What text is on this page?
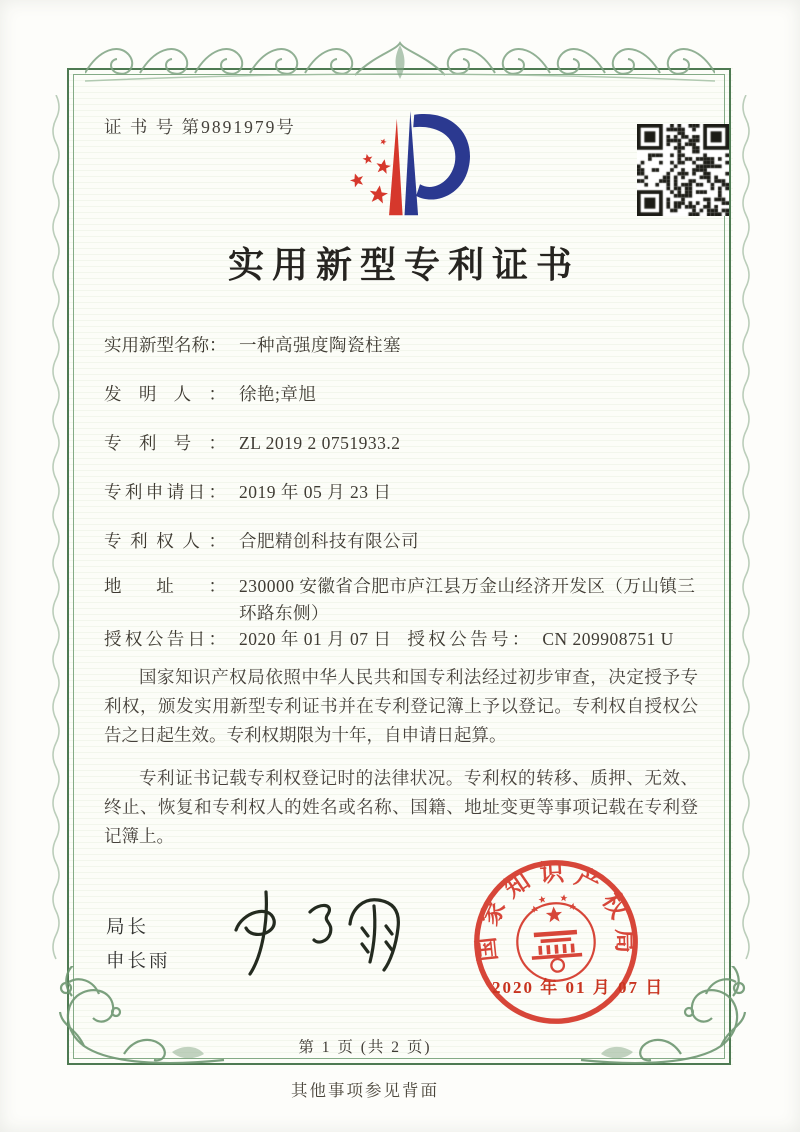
证 书 号 第9891979号
实用新型专利证书
实用新型名称： 一种高强度陶瓷柱塞
发明人： 徐艳;章旭
专利号： ZL 2019 2 0751933.2
专利申请日： 2019 年 05 月 23 日
专利权人： 合肥精创科技有限公司
地址： 230000 安徽省合肥市庐江县万金山经济开发区（万山镇三环路东侧）
授权公告日： 2020 年 01 月 07 日 授权公告号： CN 209908751 U

国家知识产权局依照中华人民共和国专利法经过初步审查，决定授予专利权，颁发实用新型专利证书并在专利登记簿上予以登记。专利权自授权公告之日起生效。专利权期限为十年，自申请日起算。

专利证书记载专利权登记时的法律状况。专利权的转移、质押、无效、终止、恢复和专利权人的姓名或名称、国籍、地址变更等事项记载在专利登记簿上。

局长
申长雨	国家知识产权局
2020 年 01 月 07 日
第 1 页 (共 2 页)
其他事项参见背面
